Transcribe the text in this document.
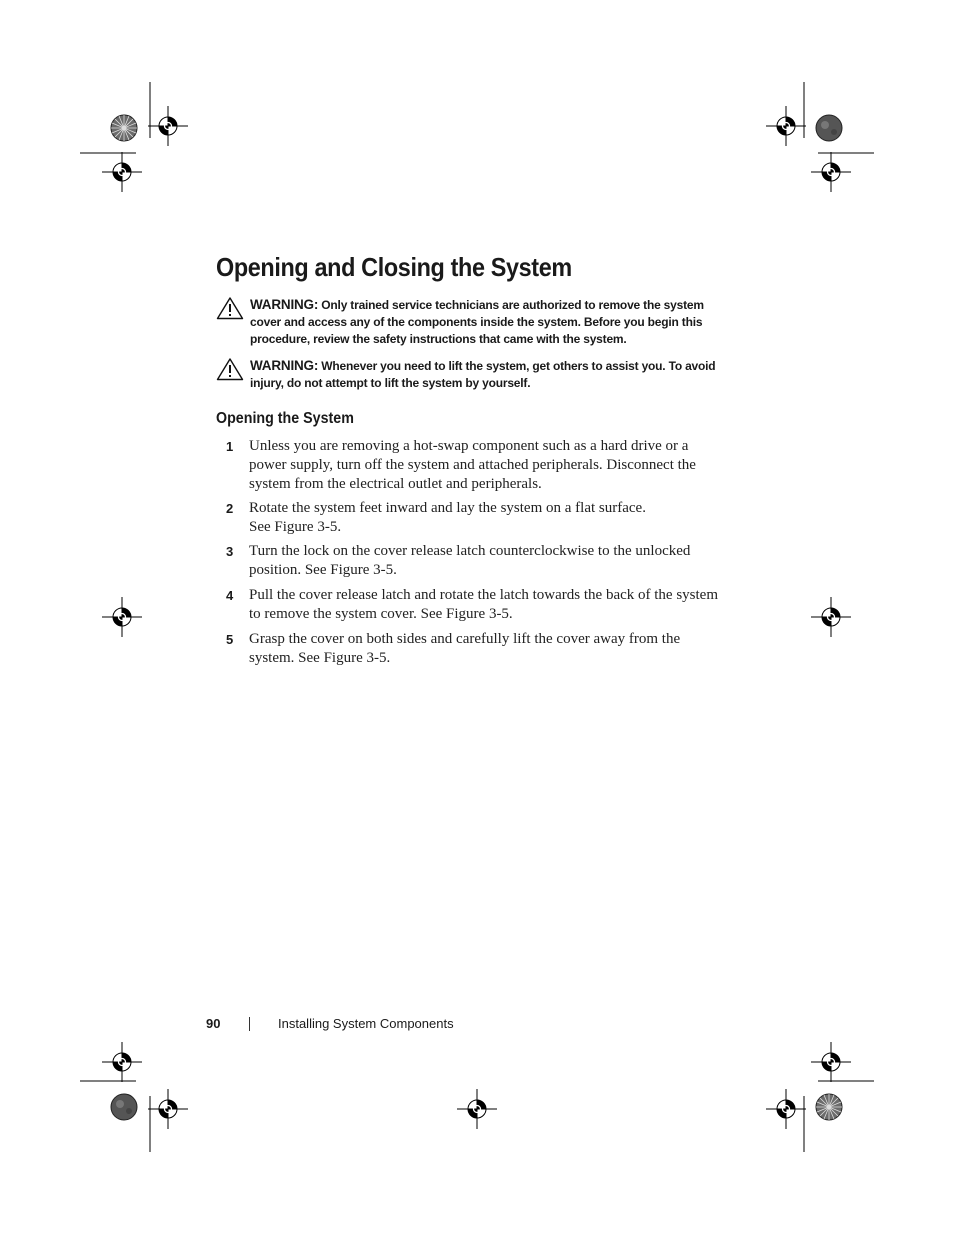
Opening and Closing the System
WARNING: Only trained service technicians are authorized to remove the system cover and access any of the components inside the system. Before you begin this procedure, review the safety instructions that came with the system.
WARNING: Whenever you need to lift the system, get others to assist you. To avoid injury, do not attempt to lift the system by yourself.
Opening the System
1 Unless you are removing a hot-swap component such as a hard drive or a power supply, turn off the system and attached peripherals. Disconnect the system from the electrical outlet and peripherals.
2 Rotate the system feet inward and lay the system on a flat surface.
See Figure 3-5.
3 Turn the lock on the cover release latch counterclockwise to the unlocked position. See Figure 3-5.
4 Pull the cover release latch and rotate the latch towards the back of the system to remove the system cover. See Figure 3-5.
5 Grasp the cover on both sides and carefully lift the cover away from the system. See Figure 3-5.
90	Installing System Components
